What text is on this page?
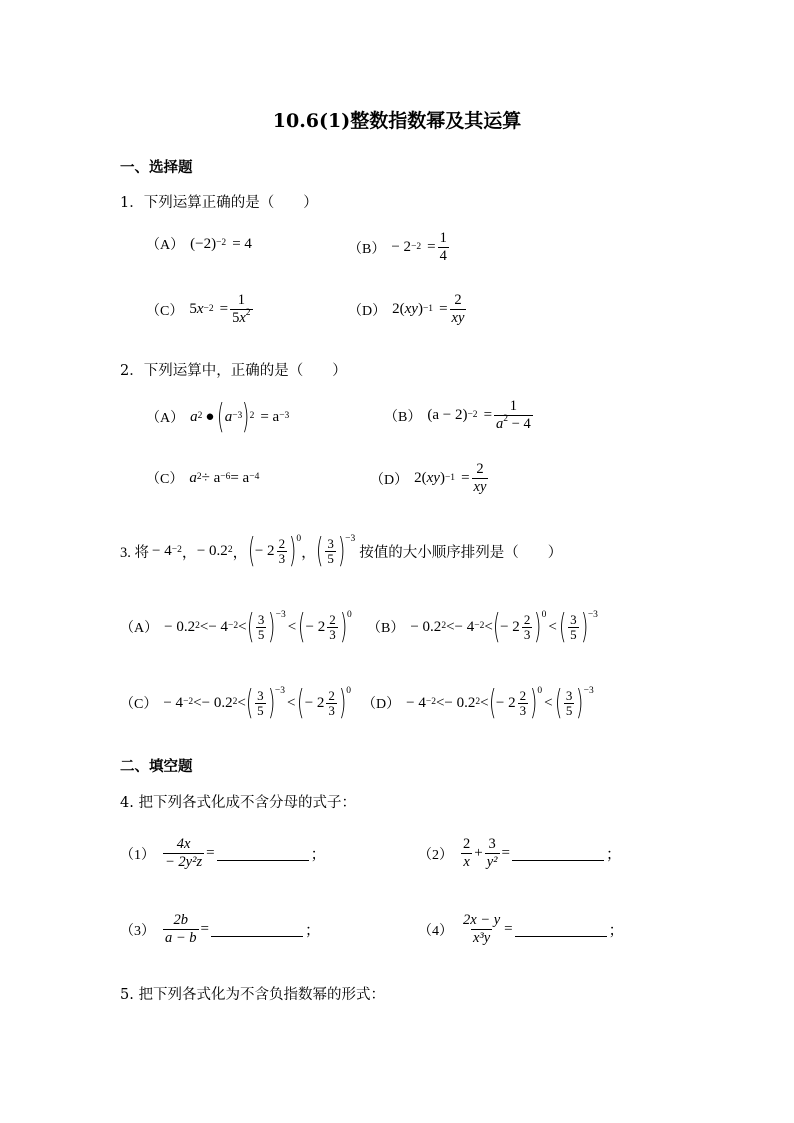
10.6(1)整数指数幂及其运算
一、选择题
1．下列运算正确的是（　　）
（A） $(-2)^{-2} = 4$	$(B) - 2^{-2} = \frac{1}{4}$
（C） 5 $x^{-2} = \frac{1}{5x^2}$	（D） 2 ( xy )$^{-1} = \frac{2}{xy}$
2．下列运算中，正确的是（　　）
（A） $a^2$ ● ( $a^{-3}$ )$^2 = a^{-3}$	（B） $(a - 2)^{-2} = \frac{1}{a^2 - 4}$
（C） $a^2 \div a^{-6} = a^{-4}$	（D） 2 ( xy )$^{-1} = \frac{2}{xy}$
3. 将 − $4^{-2}$ ， − $0.2^2$ ， ( − $2 \frac{2}{3} )^0$
， ( $\frac{3}{5} )^{-3}$
按值的大小顺序排列是（　　）
$(A) - 0.2^2$ < − $4^{-2}$ < ( $\frac{3}{5} )^{-3}$
< ( − $2 \frac{2}{3} )^0$
$(B) - 0.2^2$ < − $4^{-2}$ < ( − $2 \frac{2}{3} )^0$
< ( $\frac{3}{5} )^{-3}$
$(C) - 4^{-2}$ < − $0.2^2$ < ( $\frac{3}{5} )^{-3}$
< ( − $2 \frac{2}{3} )^0$
$(D) - 4^{-2}$ < − $0.2^2$ < ( − $2 \frac{2}{3} )^0$
< ( $\frac{3}{5} )^{-3}$
二、填空题
4. 把下列各式化成不含分母的式子：
$(1) \frac{4x}{\text{− 2y²z}}$ =	；	$(2) \frac{2}{x} + \frac{3}{\text{y²}}$ =	；
$(3) \frac{2b}{a - b}$ =	；	$(4) \frac{2x - y}{\text{x³y}}$ =	；
5. 把下列各式化为不含负指数幂的形式：
